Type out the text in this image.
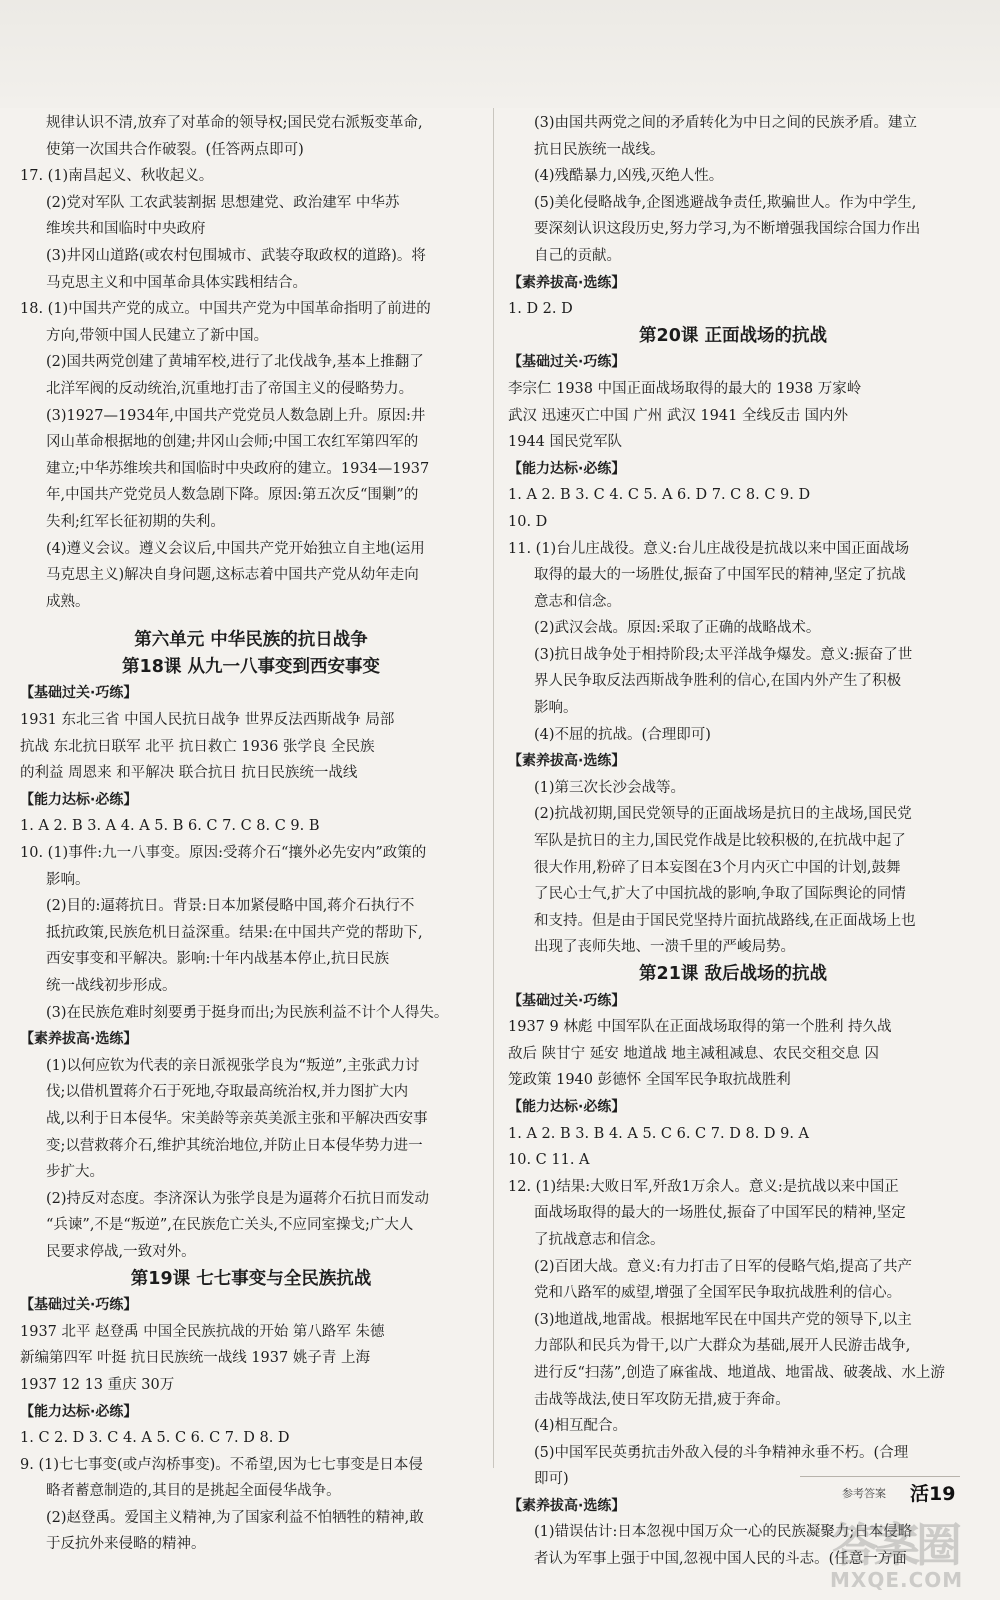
规律认识不清,放弃了对革命的领导权;国民党右派叛变革命,
使第一次国共合作破裂。(任答两点即可)
17. (1)南昌起义、秋收起义。
(2)党对军队 工农武装割据 思想建党、政治建军 中华苏
维埃共和国临时中央政府
(3)井冈山道路(或农村包围城市、武装夺取政权的道路)。将
马克思主义和中国革命具体实践相结合。
18. (1)中国共产党的成立。中国共产党为中国革命指明了前进的
方向,带领中国人民建立了新中国。
(2)国共两党创建了黄埔军校,进行了北伐战争,基本上推翻了
北洋军阀的反动统治,沉重地打击了帝国主义的侵略势力。
(3)1927—1934年,中国共产党党员人数急剧上升。原因:井
冈山革命根据地的创建;井冈山会师;中国工农红军第四军的
建立;中华苏维埃共和国临时中央政府的建立。1934—1937
年,中国共产党党员人数急剧下降。原因:第五次反“围剿”的
失利;红军长征初期的失利。
(4)遵义会议。遵义会议后,中国共产党开始独立自主地(运用
马克思主义)解决自身问题,这标志着中国共产党从幼年走向
成熟。
第六单元 中华民族的抗日战争
第18课 从九一八事变到西安事变
【基础过关·巧练】
1931 东北三省 中国人民抗日战争 世界反法西斯战争 局部
抗战 东北抗日联军 北平 抗日救亡 1936 张学良 全民族
的利益 周恩来 和平解决 联合抗日 抗日民族统一战线
【能力达标·必练】
1. A 2. B 3. A 4. A 5. B 6. C 7. C 8. C 9. B
10. (1)事件:九一八事变。原因:受蒋介石“攘外必先安内”政策的
影响。
(2)目的:逼蒋抗日。背景:日本加紧侵略中国,蒋介石执行不
抵抗政策,民族危机日益深重。结果:在中国共产党的帮助下,
西安事变和平解决。影响:十年内战基本停止,抗日民族
统一战线初步形成。
(3)在民族危难时刻要勇于挺身而出;为民族利益不计个人得失。
【素养拔高·选练】
(1)以何应钦为代表的亲日派视张学良为“叛逆”,主张武力讨
伐;以借机置蒋介石于死地,夺取最高统治权,并力图扩大内
战,以利于日本侵华。宋美龄等亲英美派主张和平解决西安事
变;以营救蒋介石,维护其统治地位,并防止日本侵华势力进一
步扩大。
(2)持反对态度。李济深认为张学良是为逼蒋介石抗日而发动
“兵谏”,不是“叛逆”,在民族危亡关头,不应同室操戈;广大人
民要求停战,一致对外。
第19课 七七事变与全民族抗战
【基础过关·巧练】
1937 北平 赵登禹 中国全民族抗战的开始 第八路军 朱德
新编第四军 叶挺 抗日民族统一战线 1937 姚子青 上海
1937 12 13 重庆 30万
【能力达标·必练】
1. C 2. D 3. C 4. A 5. C 6. C 7. D 8. D
9. (1)七七事变(或卢沟桥事变)。不希望,因为七七事变是日本侵
略者蓄意制造的,其目的是挑起全面侵华战争。
(2)赵登禹。爱国主义精神,为了国家利益不怕牺牲的精神,敢
于反抗外来侵略的精神。
(3)由国共两党之间的矛盾转化为中日之间的民族矛盾。建立
抗日民族统一战线。
(4)残酷暴力,凶残,灭绝人性。
(5)美化侵略战争,企图逃避战争责任,欺骗世人。作为中学生,
要深刻认识这段历史,努力学习,为不断增强我国综合国力作出
自己的贡献。
【素养拔高·选练】
1. D 2. D
第20课 正面战场的抗战
【基础过关·巧练】
李宗仁 1938 中国正面战场取得的最大的 1938 万家岭
武汉 迅速灭亡中国 广州 武汉 1941 全线反击 国内外
1944 国民党军队
【能力达标·必练】
1. A 2. B 3. C 4. C 5. A 6. D 7. C 8. C 9. D
10. D
11. (1)台儿庄战役。意义:台儿庄战役是抗战以来中国正面战场
取得的最大的一场胜仗,振奋了中国军民的精神,坚定了抗战
意志和信念。
(2)武汉会战。原因:采取了正确的战略战术。
(3)抗日战争处于相持阶段;太平洋战争爆发。意义:振奋了世
界人民争取反法西斯战争胜利的信心,在国内外产生了积极
影响。
(4)不屈的抗战。(合理即可)
【素养拔高·选练】
(1)第三次长沙会战等。
(2)抗战初期,国民党领导的正面战场是抗日的主战场,国民党
军队是抗日的主力,国民党作战是比较积极的,在抗战中起了
很大作用,粉碎了日本妄图在3个月内灭亡中国的计划,鼓舞
了民心士气,扩大了中国抗战的影响,争取了国际舆论的同情
和支持。但是由于国民党坚持片面抗战路线,在正面战场上也
出现了丧师失地、一溃千里的严峻局势。
第21课 敌后战场的抗战
【基础过关·巧练】
1937 9 林彪 中国军队在正面战场取得的第一个胜利 持久战
敌后 陕甘宁 延安 地道战 地主减租减息、农民交租交息 囚
笼政策 1940 彭德怀 全国军民争取抗战胜利
【能力达标·必练】
1. A 2. B 3. B 4. A 5. C 6. C 7. D 8. D 9. A
10. C 11. A
12. (1)结果:大败日军,歼敌1万余人。意义:是抗战以来中国正
面战场取得的最大的一场胜仗,振奋了中国军民的精神,坚定
了抗战意志和信念。
(2)百团大战。意义:有力打击了日军的侵略气焰,提高了共产
党和八路军的威望,增强了全国军民争取抗战胜利的信心。
(3)地道战,地雷战。根据地军民在中国共产党的领导下,以主
力部队和民兵为骨干,以广大群众为基础,展开人民游击战争,
进行反“扫荡”,创造了麻雀战、地道战、地雷战、破袭战、水上游
击战等战法,使日军攻防无措,疲于奔命。
(4)相互配合。
(5)中国军民英勇抗击外敌入侵的斗争精神永垂不朽。(合理
即可)
【素养拔高·选练】
(1)错误估计:日本忽视中国万众一心的民族凝聚力;日本侵略
者认为军事上强于中国,忽视中国人民的斗志。(任意一方面
参考答案 活19
答案圈
MXQE.COM
